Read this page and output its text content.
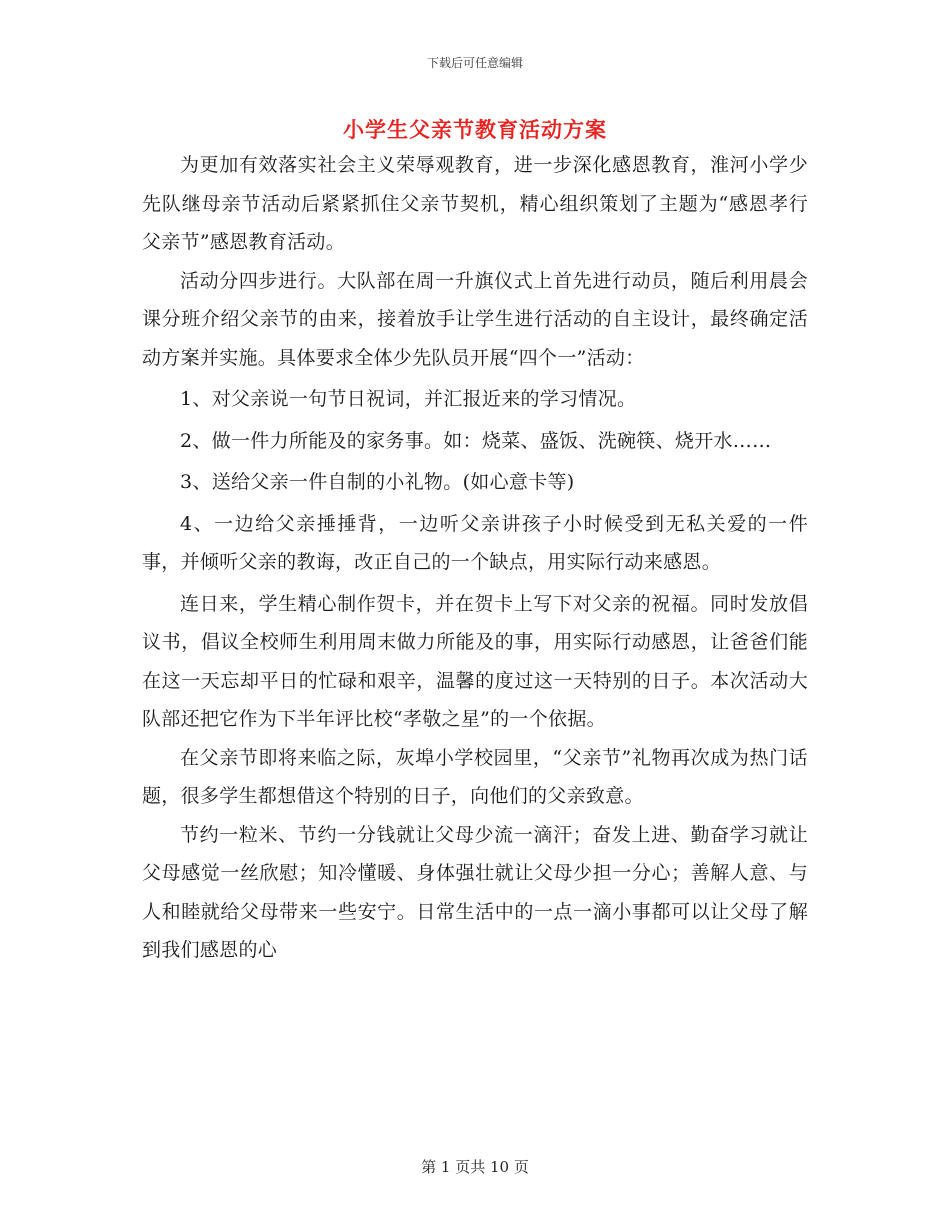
下载后可任意编辑
小学生父亲节教育活动方案

为更加有效落实社会主义荣辱观教育，进一步深化感恩教育，淮河小学少先队继母亲节活动后紧紧抓住父亲节契机，精心组织策划了主题为“感恩孝行父亲节”感恩教育活动。

活动分四步进行。大队部在周一升旗仪式上首先进行动员，随后利用晨会课分班介绍父亲节的由来，接着放手让学生进行活动的自主设计，最终确定活动方案并实施。具体要求全体少先队员开展“四个一”活动：

1、对父亲说一句节日祝词，并汇报近来的学习情况。

2、做一件力所能及的家务事。如：烧菜、盛饭、洗碗筷、烧开水……

3、送给父亲一件自制的小礼物。(如心意卡等)

4、一边给父亲捶捶背，一边听父亲讲孩子小时候受到无私关爱的一件事，并倾听父亲的教诲，改正自己的一个缺点，用实际行动来感恩。

连日来，学生精心制作贺卡，并在贺卡上写下对父亲的祝福。同时发放倡议书，倡议全校师生利用周末做力所能及的事，用实际行动感恩，让爸爸们能在这一天忘却平日的忙碌和艰辛，温馨的度过这一天特别的日子。本次活动大队部还把它作为下半年评比校“孝敬之星”的一个依据。

在父亲节即将来临之际，灰埠小学校园里，“父亲节”礼物再次成为热门话题，很多学生都想借这个特别的日子，向他们的父亲致意。

节约一粒米、节约一分钱就让父母少流一滴汗；奋发上进、勤奋学习就让父母感觉一丝欣慰；知冷懂暖、身体强壮就让父母少担一分心；善解人意、与人和睦就给父母带来一些安宁。日常生活中的一点一滴小事都可以让父母了解到我们感恩的心

第 1 页共 10 页
